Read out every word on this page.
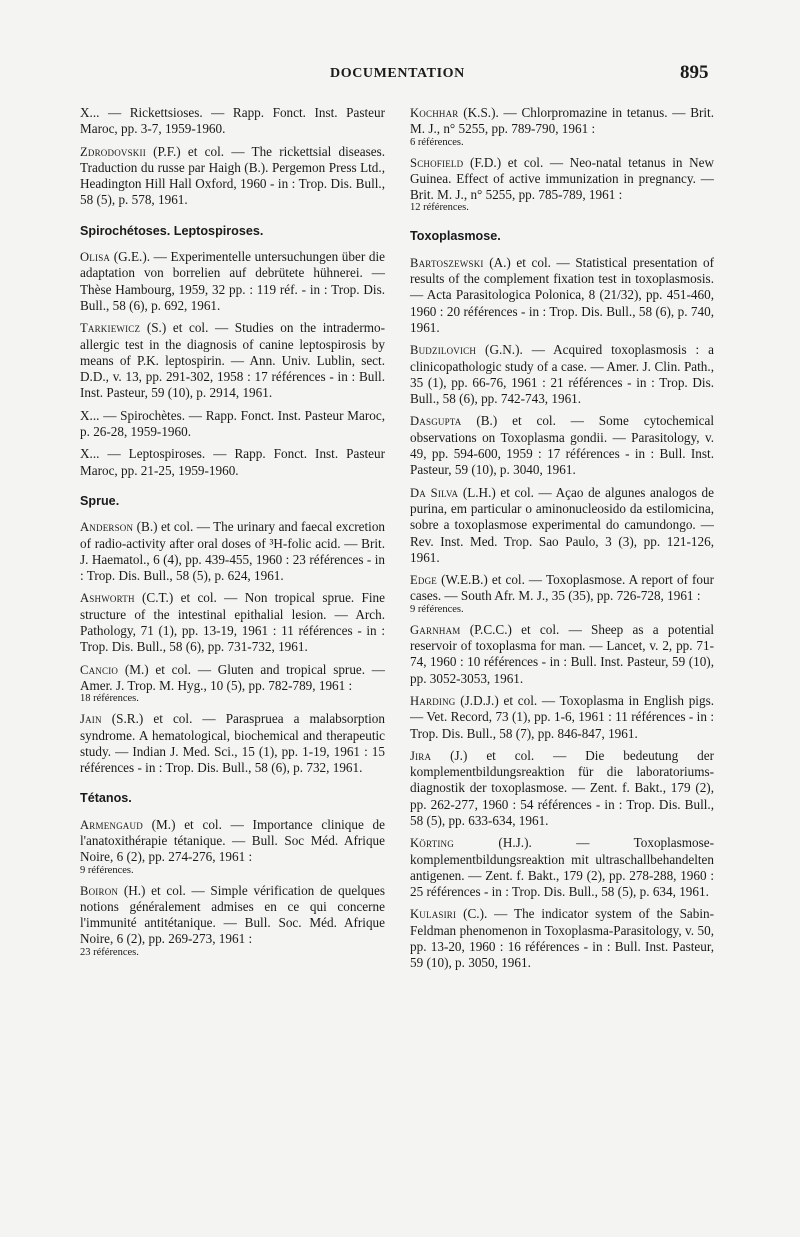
DOCUMENTATION	895
X... — Rickettsioses. — Rapp. Fonct. Inst. Pasteur Maroc, pp. 3-7, 1959-1960.
Zdrodovskii (P.F.) et col. — The rickettsial diseases. Traduction du russe par Haigh (B.). Pergemon Press Ltd., Headington Hill Hall Oxford, 1960 - in : Trop. Dis. Bull., 58 (5), p. 578, 1961.
Spirochétoses. Leptospiroses.
Olisa (G.E.). — Experimentelle untersuchungen über die adaptation von borrelien auf debrütete hühnerei. — Thèse Hambourg, 1959, 32 pp. : 119 réf. - in : Trop. Dis. Bull., 58 (6), p. 692, 1961.
Tarkiewicz (S.) et col. — Studies on the intradermo-allergic test in the diagnosis of canine leptospirosis by means of P.K. leptospirin. — Ann. Univ. Lublin, sect. D.D., v. 13, pp. 291-302, 1958 : 17 références - in : Bull. Inst. Pasteur, 59 (10), p. 2914, 1961.
X... — Spirochètes. — Rapp. Fonct. Inst. Pasteur Maroc, p. 26-28, 1959-1960.
X... — Leptospiroses. — Rapp. Fonct. Inst. Pasteur Maroc, pp. 21-25, 1959-1960.
Sprue.
Anderson (B.) et col. — The urinary and faecal excretion of radio-activity after oral doses of ³H-folic acid. — Brit. J. Haematol., 6 (4), pp. 439-455, 1960 : 23 références - in : Trop. Dis. Bull., 58 (5), p. 624, 1961.
Ashworth (C.T.) et col. — Non tropical sprue. Fine structure of the intestinal epithalial lesion. — Arch. Pathology, 71 (1), pp. 13-19, 1961 : 11 références - in : Trop. Dis. Bull., 58 (6), pp. 731-732, 1961.
Cancio (M.) et col. — Gluten and tropical sprue. — Amer. J. Trop. M. Hyg., 10 (5), pp. 782-789, 1961 :
18 références.
Jain (S.R.) et col. — Paraspruea a malabsorption syndrome. A hematological, biochemical and therapeutic study. — Indian J. Med. Sci., 15 (1), pp. 1-19, 1961 : 15 références - in : Trop. Dis. Bull., 58 (6), p. 732, 1961.
Tétanos.
Armengaud (M.) et col. — Importance clinique de l'anatoxithérapie tétanique. — Bull. Soc Méd. Afrique Noire, 6 (2), pp. 274-276, 1961 :
9 références.
Boiron (H.) et col. — Simple vérification de quelques notions généralement admises en ce qui concerne l'immunité antitétanique. — Bull. Soc. Méd. Afrique Noire, 6 (2), pp. 269-273, 1961 :
23 références.
Kochhar (K.S.). — Chlorpromazine in tetanus. — Brit. M. J., n° 5255, pp. 789-790, 1961 :
6 références.
Schofield (F.D.) et col. — Neo-natal tetanus in New Guinea. Effect of active immunization in pregnancy. — Brit. M. J., n° 5255, pp. 785-789, 1961 :
12 références.
Toxoplasmose.
Bartoszewski (A.) et col. — Statistical presentation of results of the complement fixation test in toxoplasmosis. — Acta Parasitologica Polonica, 8 (21/32), pp. 451-460, 1960 : 20 références - in : Trop. Dis. Bull., 58 (6), p. 740, 1961.
Budzilovich (G.N.). — Acquired toxoplasmosis : a clinicopathologic study of a case. — Amer. J. Clin. Path., 35 (1), pp. 66-76, 1961 : 21 références - in : Trop. Dis. Bull., 58 (6), pp. 742-743, 1961.
Dasgupta (B.) et col. — Some cytochemical observations on Toxoplasma gondii. — Parasitology, v. 49, pp. 594-600, 1959 : 17 références - in : Bull. Inst. Pasteur, 59 (10), p. 3040, 1961.
Da Silva (L.H.) et col. — Açao de algunes analogos de purina, em particular o aminonucleosido da estilomicina, sobre a toxoplasmose experimental do camundongo. — Rev. Inst. Med. Trop. Sao Paulo, 3 (3), pp. 121-126, 1961.
Edge (W.E.B.) et col. — Toxoplasmose. A report of four cases. — South Afr. M. J., 35 (35), pp. 726-728, 1961 :
9 références.
Garnham (P.C.C.) et col. — Sheep as a potential reservoir of toxoplasma for man. — Lancet, v. 2, pp. 71-74, 1960 : 10 références - in : Bull. Inst. Pasteur, 59 (10), pp. 3052-3053, 1961.
Harding (J.D.J.) et col. — Toxoplasma in English pigs. — Vet. Record, 73 (1), pp. 1-6, 1961 : 11 références - in : Trop. Dis. Bull., 58 (7), pp. 846-847, 1961.
Jira (J.) et col. — Die bedeutung der komplementbildungsreaktion für die laboratoriums-diagnostik der toxoplasmose. — Zent. f. Bakt., 179 (2), pp. 262-277, 1960 : 54 références - in : Trop. Dis. Bull., 58 (5), pp. 633-634, 1961.
Körting	(H.J.). — Toxoplasmose-komplementbildungsreaktion mit ultraschallbehandelten antigenen. — Zent. f. Bakt., 179 (2), pp. 278-288, 1960 : 25 références - in : Trop. Dis. Bull., 58 (5), p. 634, 1961.
Kulasiri (C.). — The indicator system of the Sabin-Feldman phenomenon in Toxoplasma-Parasitology, v. 50, pp. 13-20, 1960 : 16 références - in : Bull. Inst. Pasteur, 59 (10), p. 3050, 1961.
